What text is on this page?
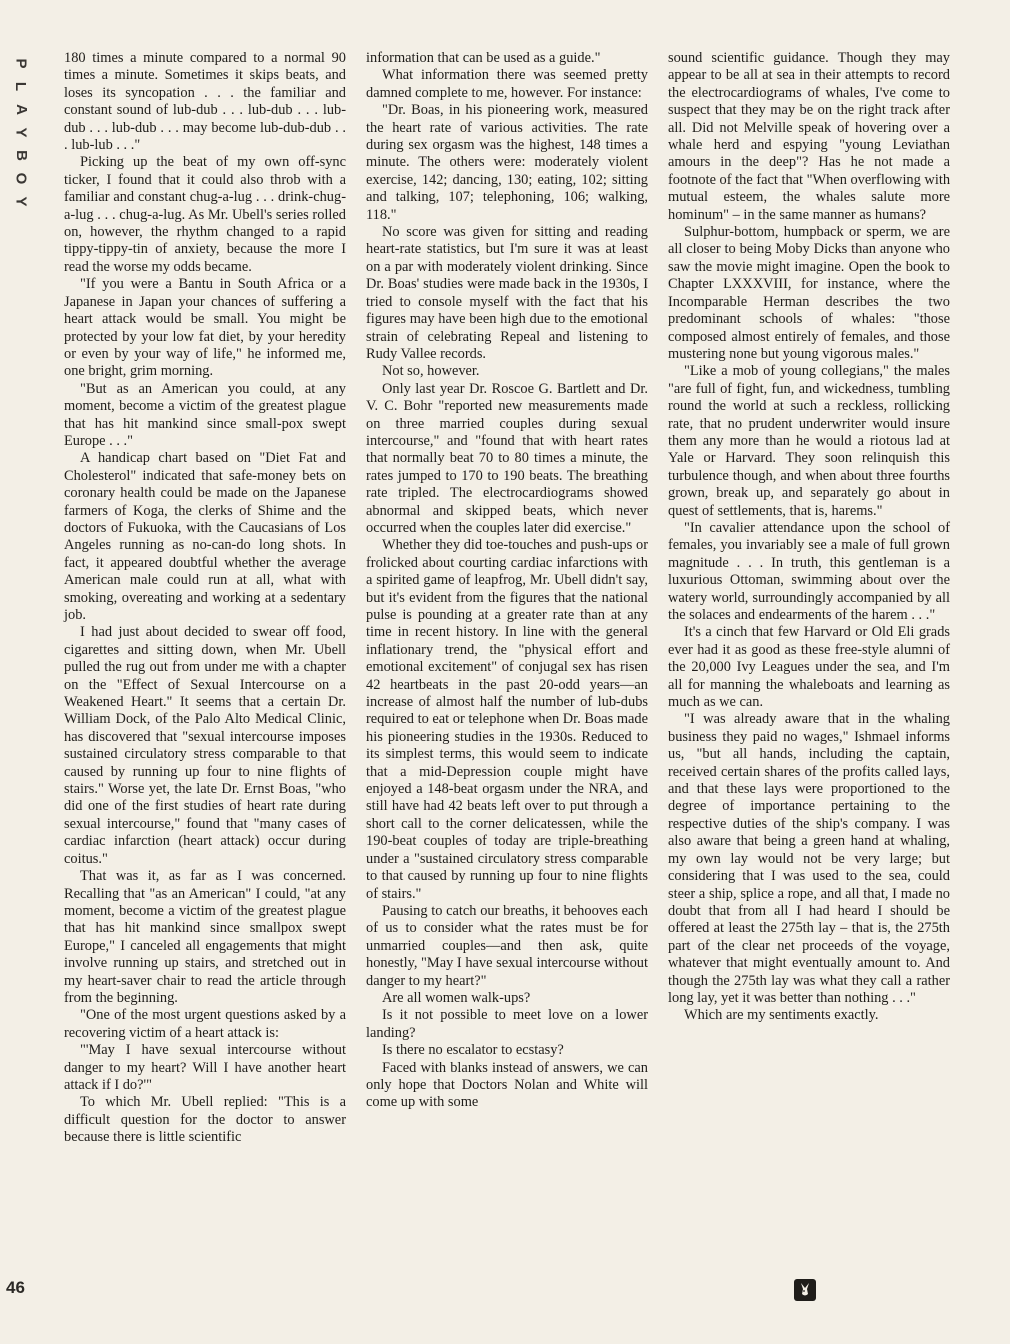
P
L
A
Y
B
O
Y
46

180 times a minute compared to a normal 90 times a minute. Sometimes it skips beats, and loses its syncopation . . . the familiar and constant sound of lub-dub . . . lub-dub . . . lub-dub . . . lub-dub . . . may become lub-dub-dub . . . lub-lub . . ."

Picking up the beat of my own off-sync ticker, I found that it could also throb with a familiar and constant chug-a-lug . . . drink-chug-a-lug . . . chug-a-lug. As Mr. Ubell's series rolled on, however, the rhythm changed to a rapid tippy-tippy-tin of anxiety, because the more I read the worse my odds became.

"If you were a Bantu in South Africa or a Japanese in Japan your chances of suffering a heart attack would be small. You might be protected by your low fat diet, by your heredity or even by your way of life," he informed me, one bright, grim morning.

"But as an American you could, at any moment, become a victim of the greatest plague that has hit mankind since small-pox swept Europe . . ."

A handicap chart based on "Diet Fat and Cholesterol" indicated that safe-money bets on coronary health could be made on the Japanese farmers of Koga, the clerks of Shime and the doctors of Fukuoka, with the Caucasians of Los Angeles running as no-can-do long shots. In fact, it appeared doubtful whether the average American male could run at all, what with smoking, overeating and working at a sedentary job.

I had just about decided to swear off food, cigarettes and sitting down, when Mr. Ubell pulled the rug out from under me with a chapter on the "Effect of Sexual Intercourse on a Weakened Heart." It seems that a certain Dr. William Dock, of the Palo Alto Medical Clinic, has discovered that "sexual intercourse imposes sustained circulatory stress comparable to that caused by running up four to nine flights of stairs." Worse yet, the late Dr. Ernst Boas, "who did one of the first studies of heart rate during sexual intercourse," found that "many cases of cardiac infarction (heart attack) occur during coitus."

That was it, as far as I was concerned. Recalling that "as an American" I could, "at any moment, become a victim of the greatest plague that has hit mankind since smallpox swept Europe," I canceled all engagements that might involve running up stairs, and stretched out in my heart-saver chair to read the article through from the beginning.

"One of the most urgent questions asked by a recovering victim of a heart attack is:

"'May I have sexual intercourse without danger to my heart? Will I have another heart attack if I do?'"

To which Mr. Ubell replied: "This is a difficult question for the doctor to answer because there is little scientific

information that can be used as a guide."

What information there was seemed pretty damned complete to me, however. For instance:

"Dr. Boas, in his pioneering work, measured the heart rate of various activities. The rate during sex orgasm was the highest, 148 times a minute. The others were: moderately violent exercise, 142; dancing, 130; eating, 102; sitting and talking, 107; telephoning, 106; walking, 118."

No score was given for sitting and reading heart-rate statistics, but I'm sure it was at least on a par with moderately violent drinking. Since Dr. Boas' studies were made back in the 1930s, I tried to console myself with the fact that his figures may have been high due to the emotional strain of celebrating Repeal and listening to Rudy Vallee records.

Not so, however.

Only last year Dr. Roscoe G. Bartlett and Dr. V. C. Bohr "reported new measurements made on three married couples during sexual intercourse," and "found that with heart rates that normally beat 70 to 80 times a minute, the rates jumped to 170 to 190 beats. The breathing rate tripled. The electrocardiograms showed abnormal and skipped beats, which never occurred when the couples later did exercise."

Whether they did toe-touches and push-ups or frolicked about courting cardiac infarctions with a spirited game of leapfrog, Mr. Ubell didn't say, but it's evident from the figures that the national pulse is pounding at a greater rate than at any time in recent history. In line with the general inflationary trend, the "physical effort and emotional excitement" of conjugal sex has risen 42 heartbeats in the past 20-odd years—an increase of almost half the number of lub-dubs required to eat or telephone when Dr. Boas made his pioneering studies in the 1930s. Reduced to its simplest terms, this would seem to indicate that a mid-Depression couple might have enjoyed a 148-beat orgasm under the NRA, and still have had 42 beats left over to put through a short call to the corner delicatessen, while the 190-beat couples of today are triple-breathing under a "sustained circulatory stress comparable to that caused by running up four to nine flights of stairs."

Pausing to catch our breaths, it behooves each of us to consider what the rates must be for unmarried couples—and then ask, quite honestly, "May I have sexual intercourse without danger to my heart?"

Are all women walk-ups?

Is it not possible to meet love on a lower landing?

Is there no escalator to ecstasy?

Faced with blanks instead of answers, we can only hope that Doctors Nolan and White will come up with some

sound scientific guidance. Though they may appear to be all at sea in their attempts to record the electrocardiograms of whales, I've come to suspect that they may be on the right track after all. Did not Melville speak of hovering over a whale herd and espying "young Leviathan amours in the deep"? Has he not made a footnote of the fact that "When overflowing with mutual esteem, the whales salute more hominum" – in the same manner as humans?

Sulphur-bottom, humpback or sperm, we are all closer to being Moby Dicks than anyone who saw the movie might imagine. Open the book to Chapter LXXXVIII, for instance, where the Incomparable Herman describes the two predominant schools of whales: "those composed almost entirely of females, and those mustering none but young vigorous males."

"Like a mob of young collegians," the males "are full of fight, fun, and wickedness, tumbling round the world at such a reckless, rollicking rate, that no prudent underwriter would insure them any more than he would a riotous lad at Yale or Harvard. They soon relinquish this turbulence though, and when about three fourths grown, break up, and separately go about in quest of settlements, that is, harems."

"In cavalier attendance upon the school of females, you invariably see a male of full grown magnitude . . . In truth, this gentleman is a luxurious Ottoman, swimming about over the watery world, surroundingly accompanied by all the solaces and endearments of the harem . . ."

It's a cinch that few Harvard or Old Eli grads ever had it as good as these free-style alumni of the 20,000 Ivy Leagues under the sea, and I'm all for manning the whaleboats and learning as much as we can.

"I was already aware that in the whaling business they paid no wages," Ishmael informs us, "but all hands, including the captain, received certain shares of the profits called lays, and that these lays were proportioned to the degree of importance pertaining to the respective duties of the ship's company. I was also aware that being a green hand at whaling, my own lay would not be very large; but considering that I was used to the sea, could steer a ship, splice a rope, and all that, I made no doubt that from all I had heard I should be offered at least the 275th lay – that is, the 275th part of the clear net proceeds of the voyage, whatever that might eventually amount to. And though the 275th lay was what they call a rather long lay, yet it was better than nothing . . ."

Which are my sentiments exactly.
